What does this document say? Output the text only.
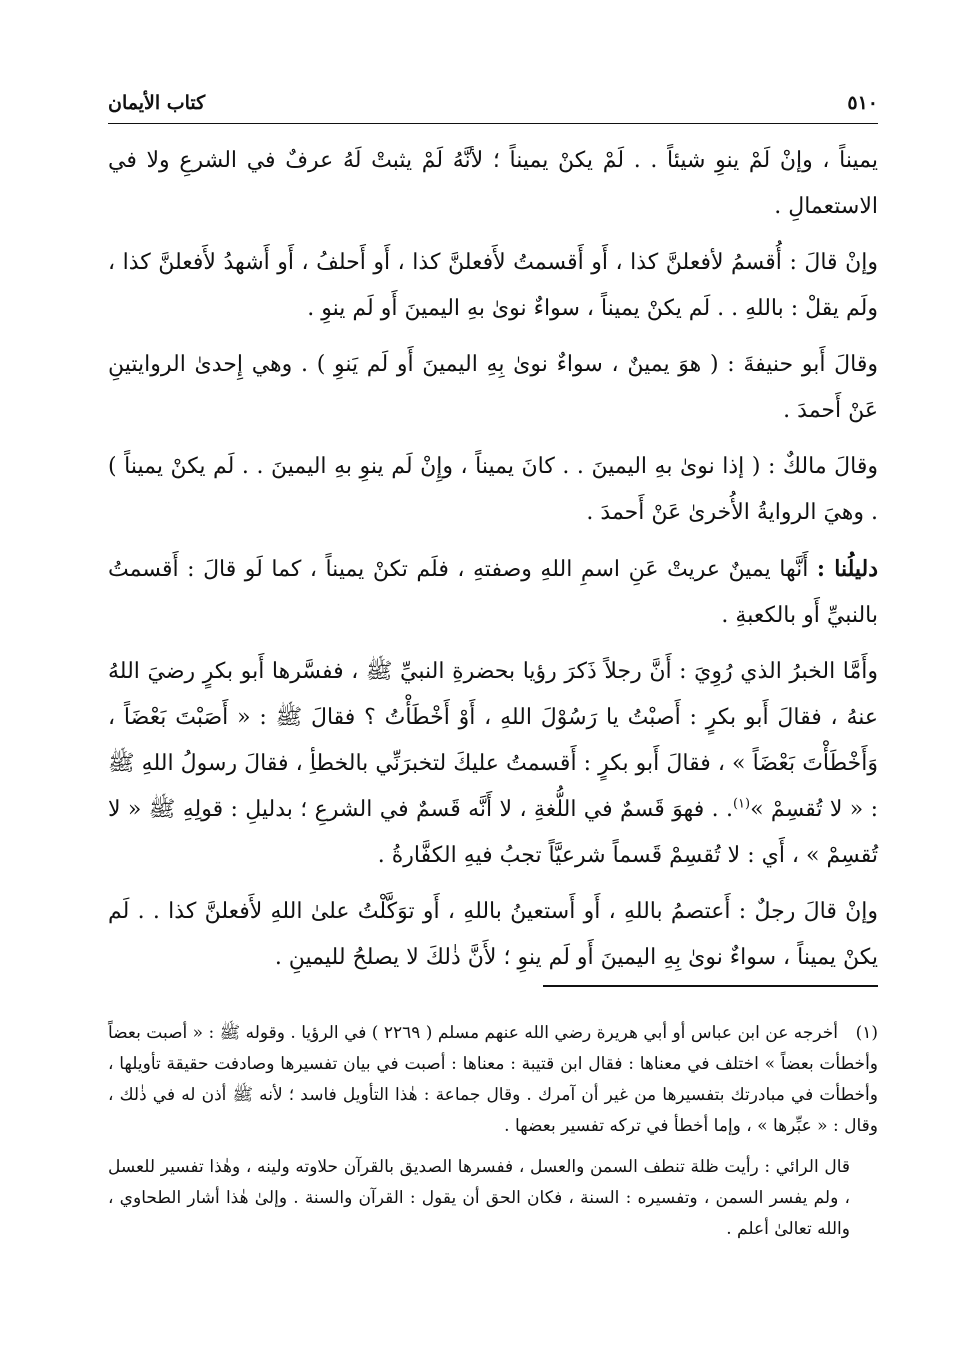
كتاب الأيمان	٥١٠

يميناً ، وإنْ لَمْ ينوِ شيئاً . . لَمْ يكنْ يميناً ؛ لأنَّهُ لَمْ يثبتْ لَهُ عرفٌ في الشرعِ ولا في الاستعمالِ .

وإنْ قالَ : أُقسمُ لأفعلنَّ كذا ، أَو أَقسمتُ لأَفعلنَّ كذا ، أَو أَحلفُ ، أَو أَشهدُ لأَفعلنَّ كذا ، ولَم يقلْ : باللهِ . . لَم يكنْ يميناً ، سواءٌ نوىٰ بهِ اليمينَ أَو لَم ينوِ .

وقالَ أَبو حنيفةَ : ( هوَ يمينٌ ، سواءٌ نوىٰ بِهِ اليمينَ أَو لَم يَنوِ ) . وهي إِحدىٰ الروايتينِ عَنْ أَحمدَ .

وقالَ مالكٌ : ( إذا نوىٰ بهِ اليمينَ . . كانَ يميناً ، وإِنْ لَم ينوِ بهِ اليمينَ . . لَم يكنْ يميناً ) . وهيَ الروايةُ الأُخرىٰ عَنْ أَحمدَ .

دليلُنا : أَنَّها يمينٌ عريتْ عَنِ اسمِ اللهِ وصفتهِ ، فلَم تكنْ يميناً ، كما لَو قالَ : أَقسمتُ بالنبيِّ أَو بالكعبةِ .

وأَمَّا الخبرُ الذي رُوِيَ : أَنَّ رجلاً ذَكرَ رؤيا بحضرةِ النبيِّ ﷺ ، ففسَّرها أَبو بكرٍ رضيَ اللهُ عنهُ ، فقالَ أَبو بكرٍ : أَصبْتُ يا رَسُوْلَ اللهِ ، أَوْ أَخْطَأْتُ ؟ فقالَ ﷺ : « أَصَبْتَ بَعْضَاً ، وَأَخْطَأْتَ بَعْضَاً » ، فقالَ أَبو بكرٍ : أَقسمتُ عليكَ لتخبرَنِّي بالخطأِ ، فقالَ رسولُ اللهِ ﷺ : « لا تُقسِمْ »$^{(١)}$. . فهوَ قَسمٌ في اللُّغةِ ، لا أَنَّه قَسمٌ في الشرعِ ؛ بدليلِ : قولِهِ ﷺ « لا تُقسِمْ » ، أَي : لا تُقسِمْ قَسماً شرعيَّاً تجبُ فيهِ الكفَّارةُ .

وإنْ قالَ رجلٌ : أَعتصمُ باللهِ ، أَو أَستعينُ باللهِ ، أَو توَكَّلْتُ علىٰ اللهِ لأَفعلنَّ كذا . . لَم يكنْ يميناً ، سواءٌ نوىٰ بِهِ اليمينَ أَو لَم ينوِ ؛ لأَنَّ ذٰلكَ لا يصلحُ لليمينِ .

(١)أخرجه عن ابن عباس أو أبي هريرة رضي الله عنهم مسلم ( ٢٢٦٩ ) في الرؤيا . وقوله ﷺ : « أصبت بعضاً وأخطأت بعضاً » اختلف في معناها : فقال ابن قتيبة : معناها : أصبت في بيان تفسيرها وصادفت حقيقة تأويلها ، وأخطأت في مبادرتك بتفسيرها من غير أن آمرك . وقال جماعة : هٰذا التأويل فاسد ؛ لأنه ﷺ أذن له في ذٰلك ، وقال : « عبِّرها » ، وإما أخطأ في تركه تفسير بعضها .

قال الرائي : رأيت ظلة تنطف السمن والعسل ، ففسرها الصديق بالقرآن حلاوته ولينه ، وهٰذا تفسير للعسل ، ولم يفسر السمن ، وتفسيره : السنة ، فكان الحق أن يقول : القرآن والسنة . وإلىٰ هٰذا أشار الطحاوي ، والله تعالىٰ أعلم .
